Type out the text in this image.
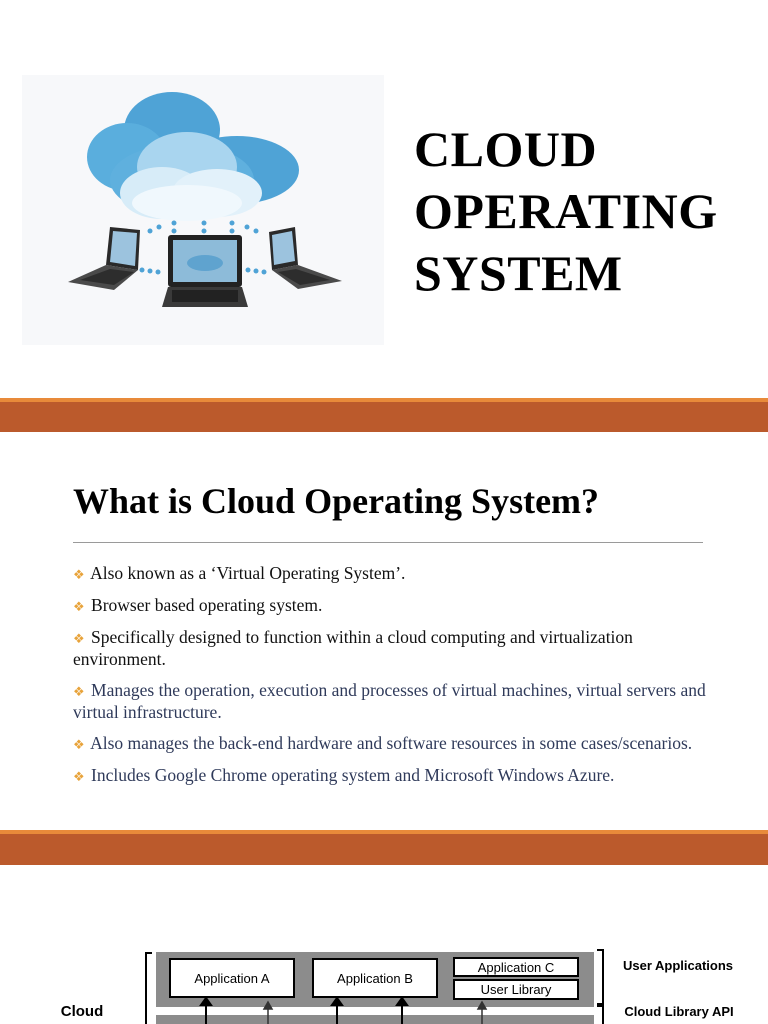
CLOUD
OPERATING
SYSTEM
What is Cloud Operating System?
❖ Also known as a ‘Virtual Operating System’.
❖ Browser based operating system.
❖ Specifically designed to function within a cloud computing and virtualization environment.
❖ Manages the operation, execution and processes of virtual machines, virtual servers and virtual infrastructure.
❖ Also manages the back-end hardware and software resources in some cases/scenarios.
❖ Includes Google Chrome operating system and Microsoft Windows Azure.
Application A	Application B
Application C
User Library
User Applications
Cloud Library API
Cloud
